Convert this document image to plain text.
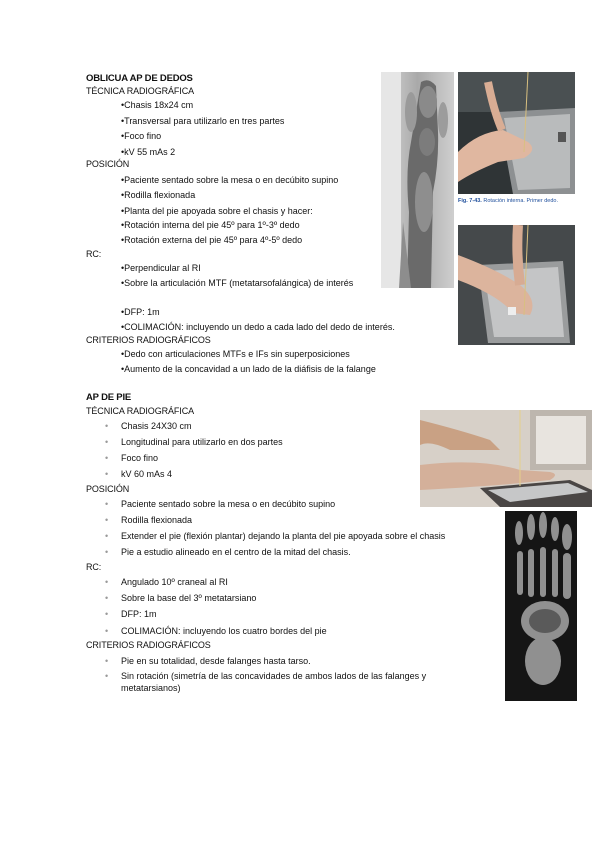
OBLICUA AP DE DEDOS
TÉCNICA RADIOGRÁFICA
•Chasis 18x24 cm
•Transversal para utilizarlo en tres partes
•Foco fino
•kV 55 mAs 2
POSICIÓN
•Paciente sentado sobre la mesa o en decúbito supino
•Rodilla flexionada
•Planta del pie apoyada sobre el chasis y hacer:
•Rotación interna del pie 45º para 1º-3º dedo
•Rotación externa del pie 45º para 4º-5º dedo
RC:
•Perpendicular al RI
•Sobre la articulación MTF (metatarsofalángica) de interés
•DFP: 1m
•COLIMACIÓN: incluyendo un dedo a cada lado del dedo de interés.
CRITERIOS RADIOGRÁFICOS
•Dedo con articulaciones MTFs e IFs sin superposiciones
•Aumento de la concavidad a un lado de la diáfisis de la falange
Fig. 7-43. Rotación interna. Primer dedo.
AP DE PIE
TÉCNICA RADIOGRÁFICA
• Chasis 24X30 cm
• Longitudinal para utilizarlo en dos partes
• Foco fino
• kV 60 mAs 4
POSICIÓN
• Paciente sentado sobre la mesa o en decúbito supino
• Rodilla flexionada
• Extender el pie (flexión plantar) dejando la planta del pie apoyada sobre el chasis
• Pie a estudio alineado en el centro de la mitad del chasis.
RC:
• Angulado 10º craneal al RI
• Sobre la base del 3º metatarsiano
• DFP: 1m
• COLIMACIÓN: incluyendo los cuatro bordes del pie
CRITERIOS RADIOGRÁFICOS
• Pie en su totalidad, desde falanges hasta tarso.
• Sin rotación (simetría de las concavidades de ambos lados de las falanges y metatarsianos)
